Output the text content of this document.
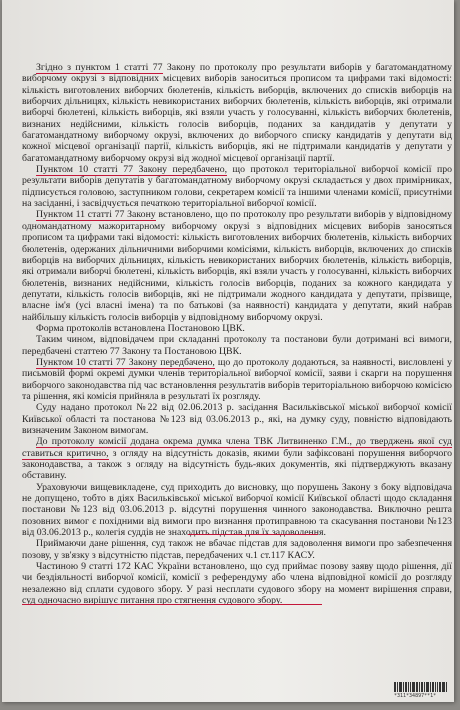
Згідно з пунктом 1 статті 77 Закону по протоколу про результати виборів у багатомандатному виборчому окрузі з відповідних місцевих виборів заноситься прописом та цифрами такі відомості: кількість виготовлених виборчих бюлетенів, кількість виборців, включених до списків виборців на виборчих дільницях, кількість невикористаних виборчих бюлетенів, кількість виборців, які отримали виборчі бюлетені, кількість виборців, які взяли участь у голосуванні, кількість виборчих бюлетенів, визнаних недійсними, кількість голосів виборців, поданих за кандидатів у депутати у багатомандатному виборчому окрузі, включених до виборчого списку кандидатів у депутати від кожної місцевої організації партії, кількість виборців, які не підтримали кандидатів у депутати у багатомандатному виборчому окрузі від жодної місцевої організації партії.

Пунктом 10 статті 77 Закону передбачено, що протокол територіальної виборчої комісії про результати виборів депутатів у багатомандатному виборчому окрузі складається у двох примірниках, підписується головою, заступником голови, секретарем комісії та іншими членами комісії, присутніми на засіданні, і засвідчується печаткою територіальної виборчої комісії.

Пунктом 11 статті 77 Закону встановлено, що по протоколу про результати виборів у відповідному одномандатному мажоритарному виборчому окрузі з відповідних місцевих виборів заносяться прописом та цифрами такі відомості: кількість виготовлених виборчих бюлетенів, кількість виборчих бюлетенів, одержаних дільничними виборчими комісіями, кількість виборців, включених до списків виборців на виборчих дільницях, кількість невикористаних виборчих бюлетенів, кількість виборців, які отримали виборчі бюлетені, кількість виборців, які взяли участь у голосуванні, кількість виборчих бюлетенів, визнаних недійсними, кількість голосів виборців, поданих за кожного кандидата у депутати, кількість голосів виборців, які не підтримали жодного кандидата у депутати, прізвище, власне ім'я (усі власні імена) та по батькові (за наявності) кандидата у депутати, який набрав найбільшу кількість голосів виборців у відповідному виборчому окрузі.

Форма протоколів встановлена Постановою ЦВК.

Таким чином, відповідачем при складанні протоколу та постанови були дотримані всі вимоги, передбачені статтею 77 Закону та Постановою ЦВК.

Пунктом 10 статті 77 Закону передбачено, що до протоколу додаються, за наявності, висловлені у письмовій формі окремі думки членів територіальної виборчої комісії, заяви і скарги на порушення виборчого законодавства під час встановлення результатів виборів територіальною виборчою комісією та рішення, які комісія прийняла в результаті їх розгляду.

Суду надано протокол №22 від 02.06.2013 р. засідання Васильківської міської виборчої комісії Київської області та постанова №123 від 03.06.2013 р., які, на думку суду, повністю відповідають визначеним Законом вимогам.

До протоколу комісії додана окрема думка члена ТВК Литвиненко Г.М., до тверджень якої суд ставиться критично, з огляду на відсутність доказів, якими були зафіксовані порушення виборчого законодавства, а також з огляду на відсутність будь-яких документів, які підтверджують вказану обставину.

Ураховуючи вищевикладене, суд приходить до висновку, що порушень Закону з боку відповідача не допущено, тобто в діях Васильківської міської виборчої комісії Київської області щодо складання постанови №123 від 03.06.2013 р. відсутні порушення чинного законодавства. Виключно решта позовних вимог є похідними від вимоги про визнання протиправною та скасування постанови №123 від 03.06.2013 р., колегія суддів не знаходить підстав для їх задоволення.

Приймаючи дане рішення, суд також не вбачає підстав для задоволення вимоги про забезпечення позову, у зв'язку з відсутністю підстав, передбачених ч.1 ст.117 КАСУ.

Частиною 9 статті 172 КАС України встановлено, що суд приймає позову заяву щодо рішення, дії чи бездіяльності виборчої комісії, комісії з референдуму або члена відповідної комісії до розгляду незалежно від сплати судового збору. У разі несплати судового збору на момент вирішення справи, суд одночасно вирішує питання про стягнення судового збору.

*311*34897**1*
